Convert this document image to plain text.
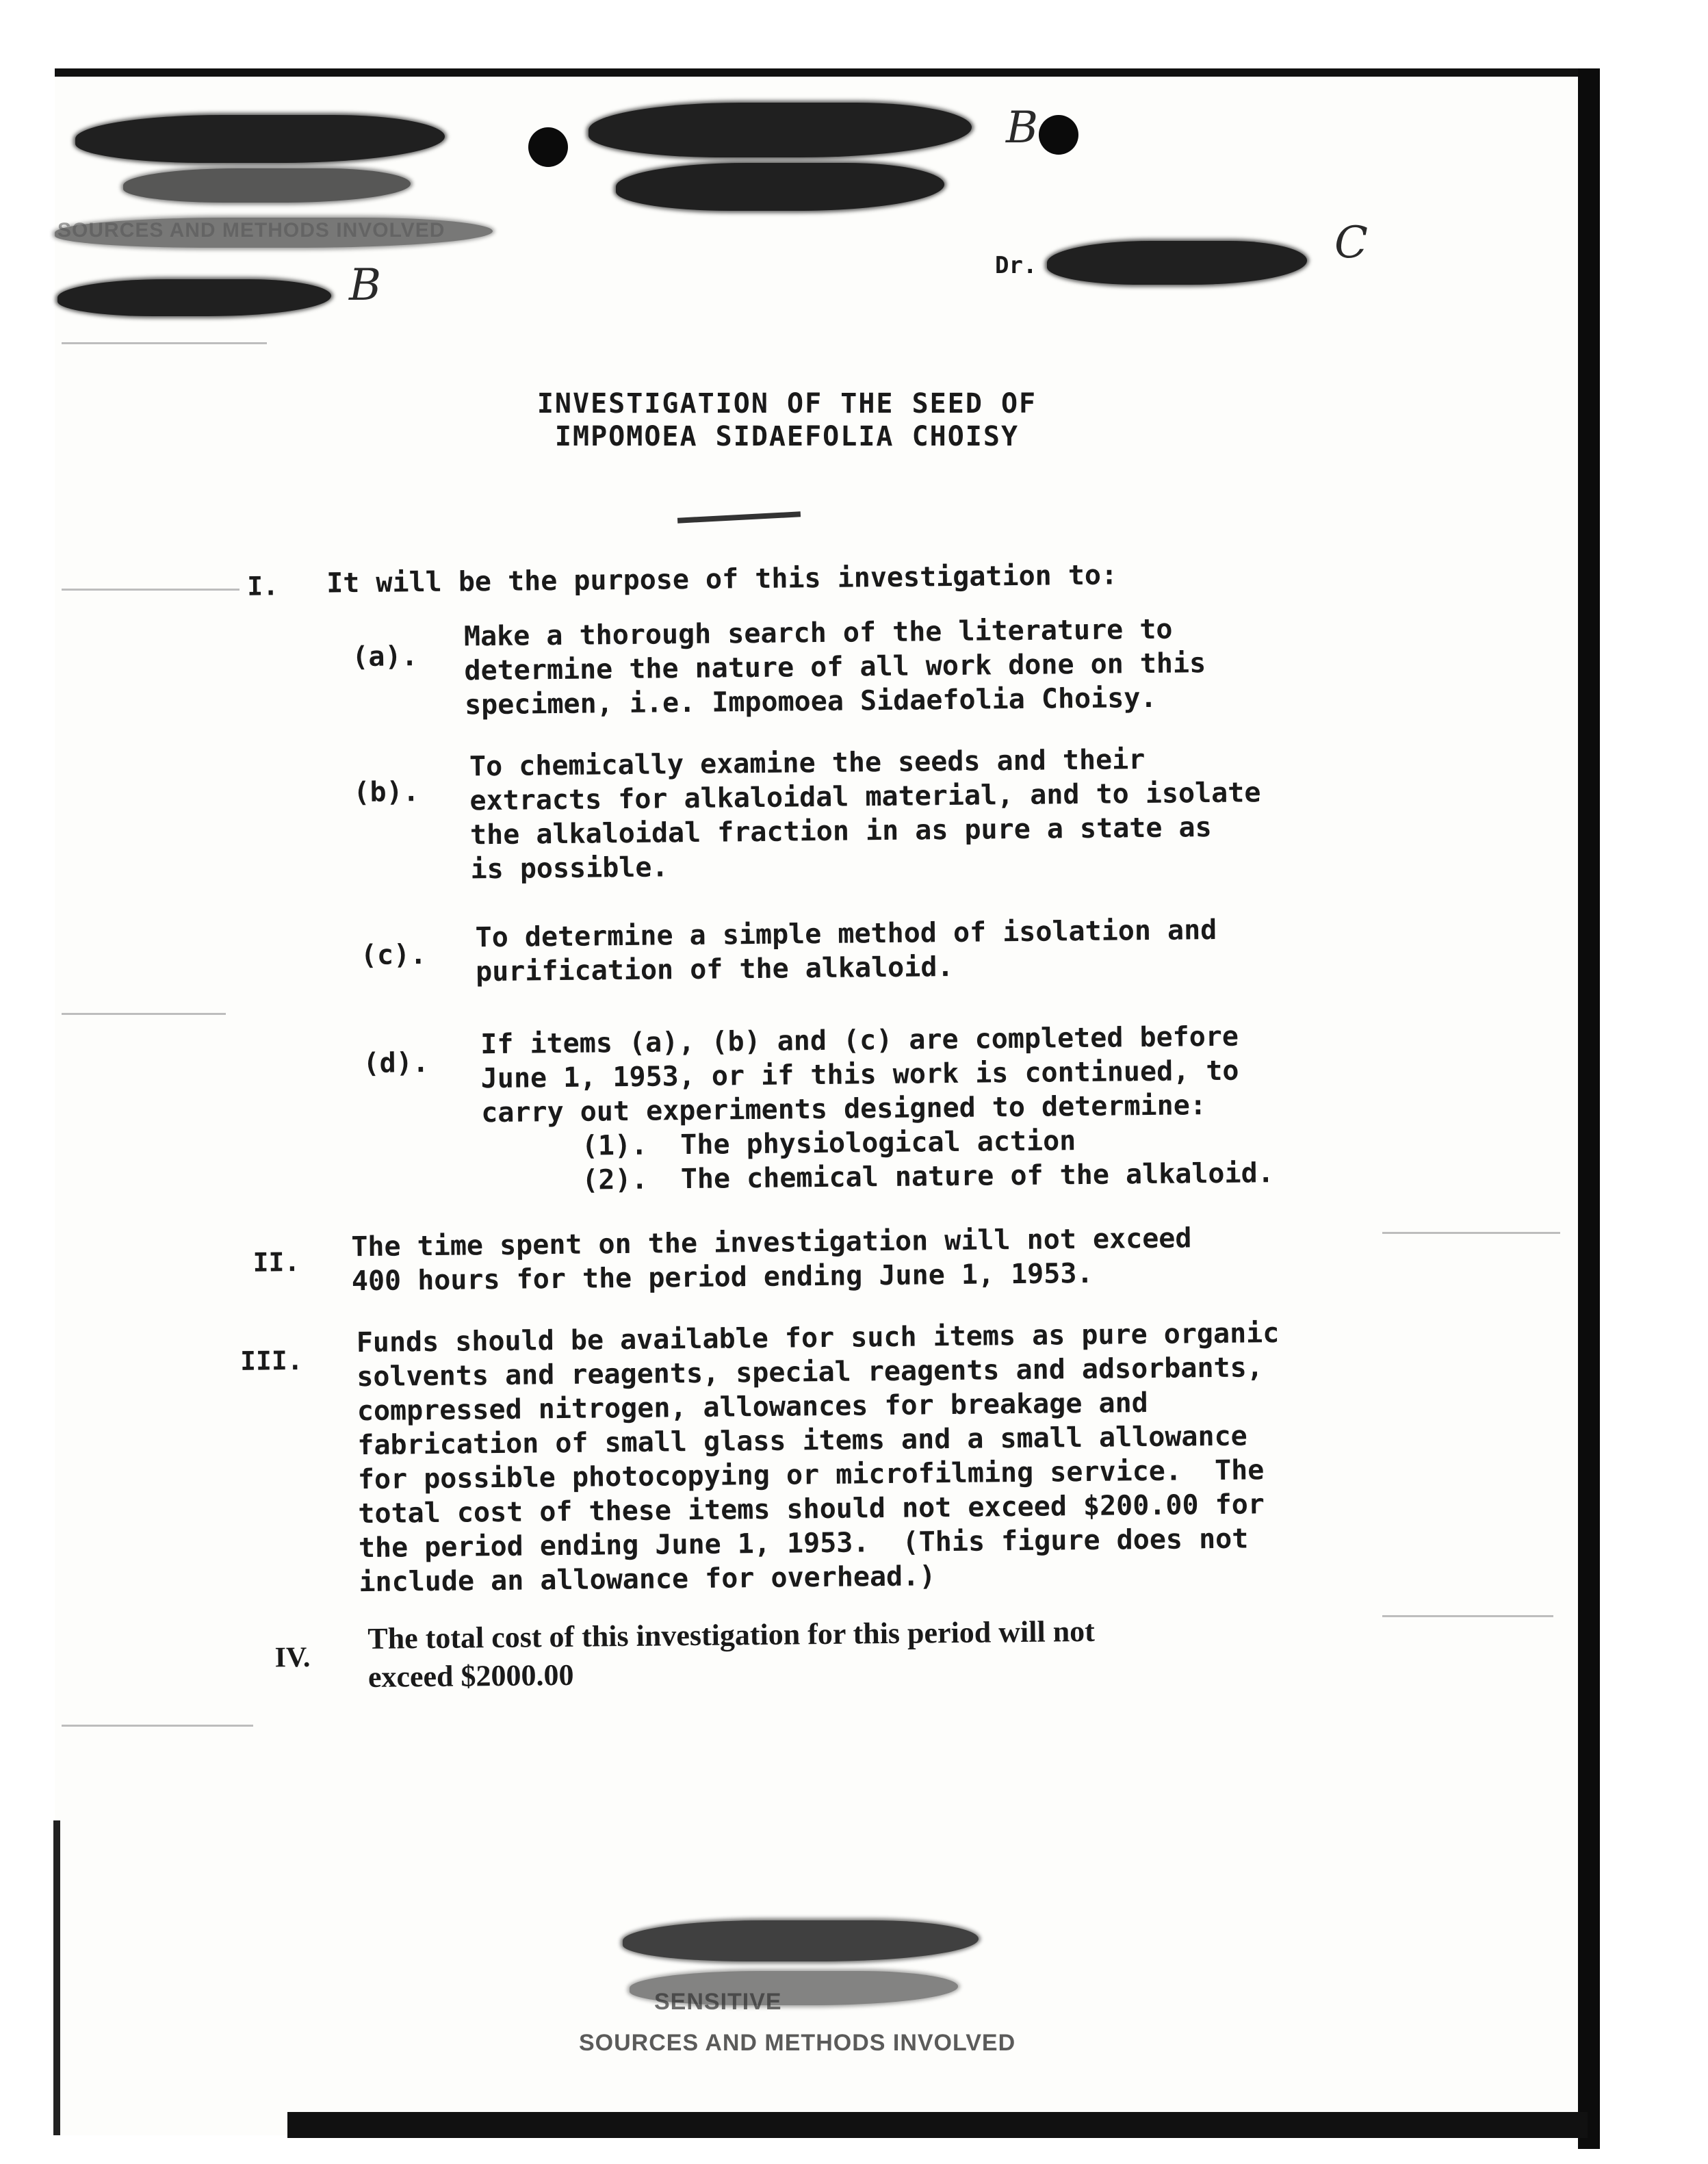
SOURCES AND METHODS INVOLVED
B
B
C
Dr.
INVESTIGATION OF THE SEED OF
IMPOMOEA SIDAEFOLIA CHOISY
I. It will be the purpose of this investigation to:
(a).
Make a thorough search of the literature to
determine the nature of all work done on this
specimen, i.e. Impomoea Sidaefolia Choisy.
(b).
To chemically examine the seeds and their
extracts for alkaloidal material, and to isolate
the alkaloidal fraction in as pure a state as
is possible.
(c).
To determine a simple method of isolation and
purification of the alkaloid.
(d).
If items (a), (b) and (c) are completed before
June 1, 1953, or if this work is continued, to
carry out experiments designed to determine:
(1).  The physiological action
(2).  The chemical nature of the alkaloid.
II. The time spent on the investigation will not exceed
400 hours for the period ending June 1, 1953.
III.
Funds should be available for such items as pure organic
solvents and reagents, special reagents and adsorbants,
compressed nitrogen, allowances for breakage and
fabrication of small glass items and a small allowance
for possible photocopying or microfilming service.  The
total cost of these items should not exceed $200.00 for
the period ending June 1, 1953.  (This figure does not
include an allowance for overhead.)
IV.
The total cost of this investigation for this period will not
exceed $2000.00
SENSITIVE
SOURCES AND METHODS INVOLVED
